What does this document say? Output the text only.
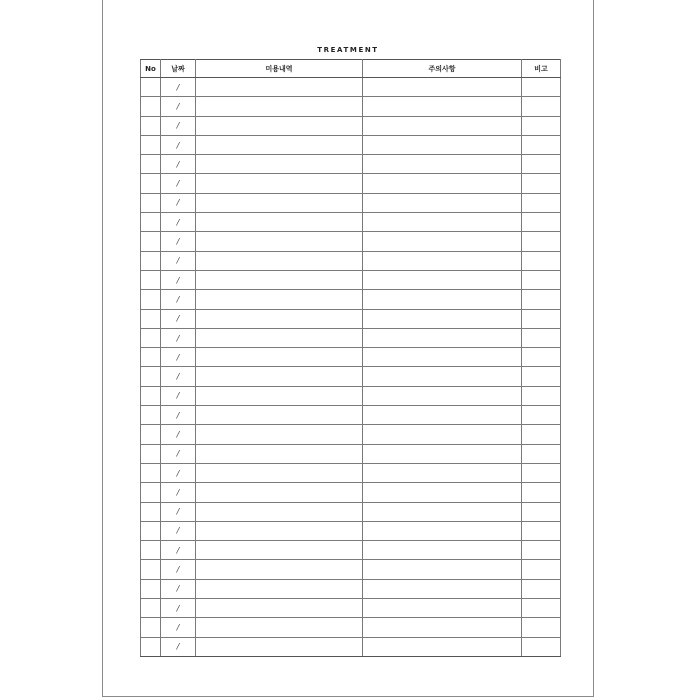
TREATMENT
No	날짜	미용내역	주의사항	비고
	/			
	/			
	/			
	/			
	/			
	/			
	/			
	/			
	/			
	/			
	/			
	/			
	/			
	/			
	/			
	/			
	/			
	/			
	/			
	/			
	/			
	/			
	/			
	/			
	/			
	/			
	/			
	/			
	/			
	/			
